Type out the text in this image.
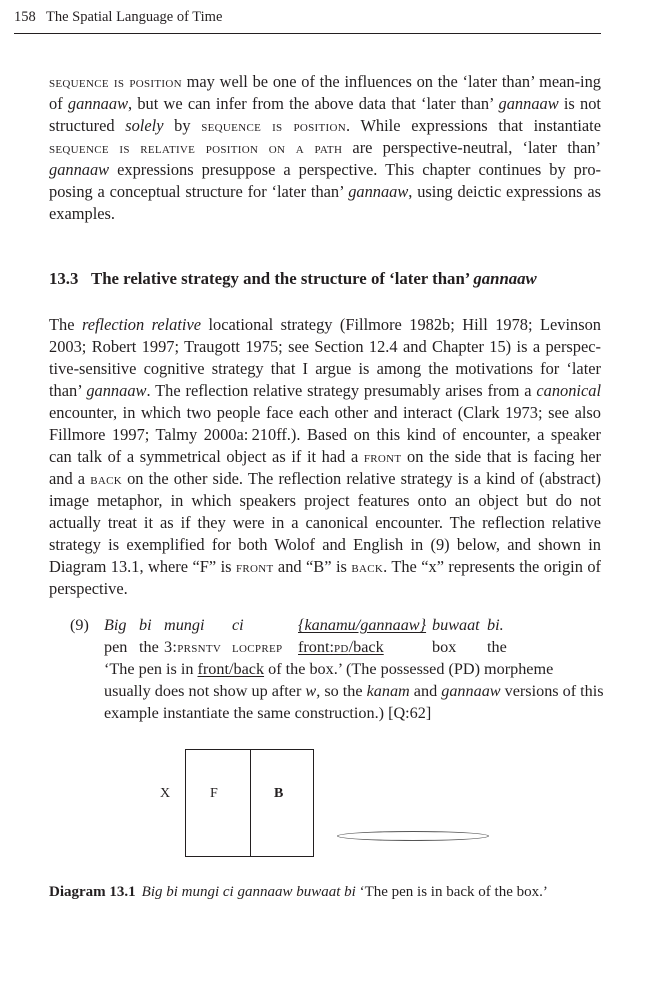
158 The Spatial Language of Time

sequence is position may well be one of the influences on the ‘later than’ mean-ing of gannaaw, but we can infer from the above data that ‘later than’ gannaaw is not structured solely by sequence is position. While expressions that instantiate sequence is relative position on a path are perspective-neutral, ‘later than’ gannaaw expressions presuppose a perspective. This chapter continues by pro-posing a conceptual structure for ‘later than’ gannaaw, using deictic expressions as examples.

13.3 The relative strategy and the structure of ‘later than’ gannaaw

The reflection relative locational strategy (Fillmore 1982b; Hill 1978; Levinson 2003; Robert 1997; Traugott 1975; see Section 12.4 and Chapter 15) is a perspec-tive-sensitive cognitive strategy that I argue is among the motivations for ‘later than’ gannaaw. The reflection relative strategy presumably arises from a canonical encounter, in which two people face each other and interact (Clark 1973; see also Fillmore 1997; Talmy 2000a: 210ff.). Based on this kind of encounter, a speaker can talk of a symmetrical object as if it had a front on the side that is facing her and a back on the other side. The reflection relative strategy is a kind of (abstract) image metaphor, in which speakers project features onto an object but do not actually treat it as if they were in a canonical encounter. The reflection relative strategy is exemplified for both Wolof and English in (9) below, and shown in Diagram 13.1, where “F” is front and “B” is back. The “x” represents the origin of perspective.

(9) Big bi mungi ci	{kanamu/gannaaw} buwaat bi.
pen the 3:prsntv locprep front:pd/back	box the
‘The pen is in front/back of the box.’ (The possessed (PD) morpheme usually does not show up after w, so the kanam and gannaaw versions of this example instantiate the same construction.) [Q:62]
X	F	B
Diagram 13.1 Big bi mungi ci gannaaw buwaat bi ‘The pen is in back of the box.’
